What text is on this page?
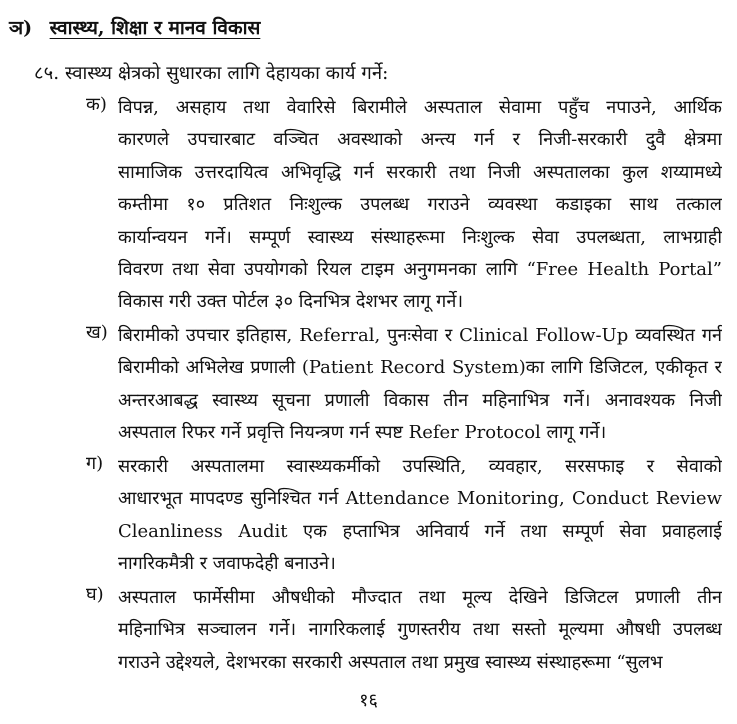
ञ) स्वास्थ्य, शिक्षा र मानव विकास
८५. स्वास्थ्य क्षेत्रको सुधारका लागि देहायका कार्य गर्ने:
क) विपन्न, असहाय तथा वेवारिसे बिरामीले अस्पताल सेवामा पहुँच नपाउने, आर्थिक
कारणले उपचारबाट वञ्चित अवस्थाको अन्त्य गर्न र निजी-सरकारी दुवै क्षेत्रमा
सामाजिक उत्तरदायित्व अभिवृद्धि गर्न सरकारी तथा निजी अस्पतालका कुल शय्यामध्ये
कम्तीमा १० प्रतिशत निःशुल्क उपलब्ध गराउने व्यवस्था कडाइका साथ तत्काल
कार्यान्वयन गर्ने। सम्पूर्ण स्वास्थ्य संस्थाहरूमा निःशुल्क सेवा उपलब्धता, लाभग्राही
विवरण तथा सेवा उपयोगको रियल टाइम अनुगमनका लागि “Free Health Portal”
विकास गरी उक्त पोर्टल ३० दिनभित्र देशभर लागू गर्ने।
ख) बिरामीको उपचार इतिहास, Referral, पुनःसेवा र Clinical Follow-Up व्यवस्थित गर्न
बिरामीको अभिलेख प्रणाली (Patient Record System)का लागि डिजिटल, एकीकृत र
अन्तरआबद्ध स्वास्थ्य सूचना प्रणाली विकास तीन महिनाभित्र गर्ने। अनावश्यक निजी
अस्पताल रिफर गर्ने प्रवृत्ति नियन्त्रण गर्न स्पष्ट Refer Protocol लागू गर्ने।
ग) सरकारी अस्पतालमा स्वास्थ्यकर्मीको उपस्थिति, व्यवहार, सरसफाइ र सेवाको
आधारभूत मापदण्ड सुनिश्चित गर्न Attendance Monitoring, Conduct Review
Cleanliness Audit एक हप्ताभित्र अनिवार्य गर्ने तथा सम्पूर्ण सेवा प्रवाहलाई
नागरिकमैत्री र जवाफदेही बनाउने।
घ) अस्पताल फार्मेसीमा औषधीको मौज्दात तथा मूल्य देखिने डिजिटल प्रणाली तीन
महिनाभित्र सञ्चालन गर्ने। नागरिकलाई गुणस्तरीय तथा सस्तो मूल्यमा औषधी उपलब्ध
गराउने उद्देश्यले, देशभरका सरकारी अस्पताल तथा प्रमुख स्वास्थ्य संस्थाहरूमा “सुलभ
१६
